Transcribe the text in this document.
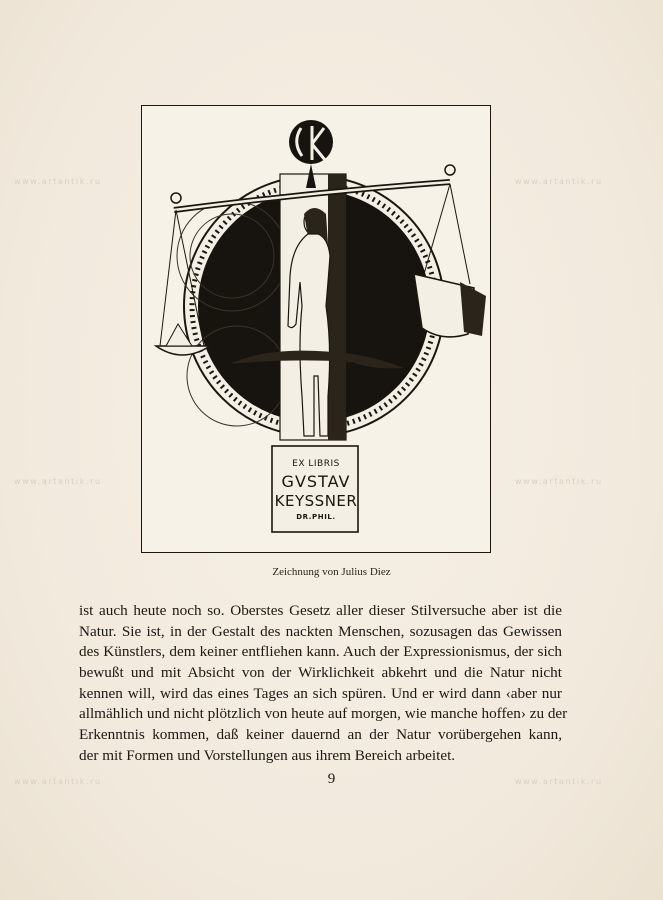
www.artantik.ru	www.artantik.ru
www.artantik.ru	www.artantik.ru
www.artantik.ru	www.artantik.ru
EX LIBRIS
GVSTAV
KEYSSNER
DR.PHIL.
Zeichnung von Julius Diez
ist auch heute noch so. Oberstes Gesetz aller dieser Stilversuche aber ist die
Natur. Sie ist, in der Gestalt des nackten Menschen, sozusagen das Gewissen
des Künstlers, dem keiner entfliehen kann. Auch der Expressionismus, der sich
bewußt und mit Absicht von der Wirklichkeit abkehrt und die Natur nicht
kennen will, wird das eines Tages an sich spüren. Und er wird dann ‹aber nur
allmählich und nicht plötzlich von heute auf morgen, wie manche hoffen› zu der
Erkenntnis kommen, daß keiner dauernd an der Natur vorübergehen kann,
der mit Formen und Vorstellungen aus ihrem Bereich arbeitet.
9
